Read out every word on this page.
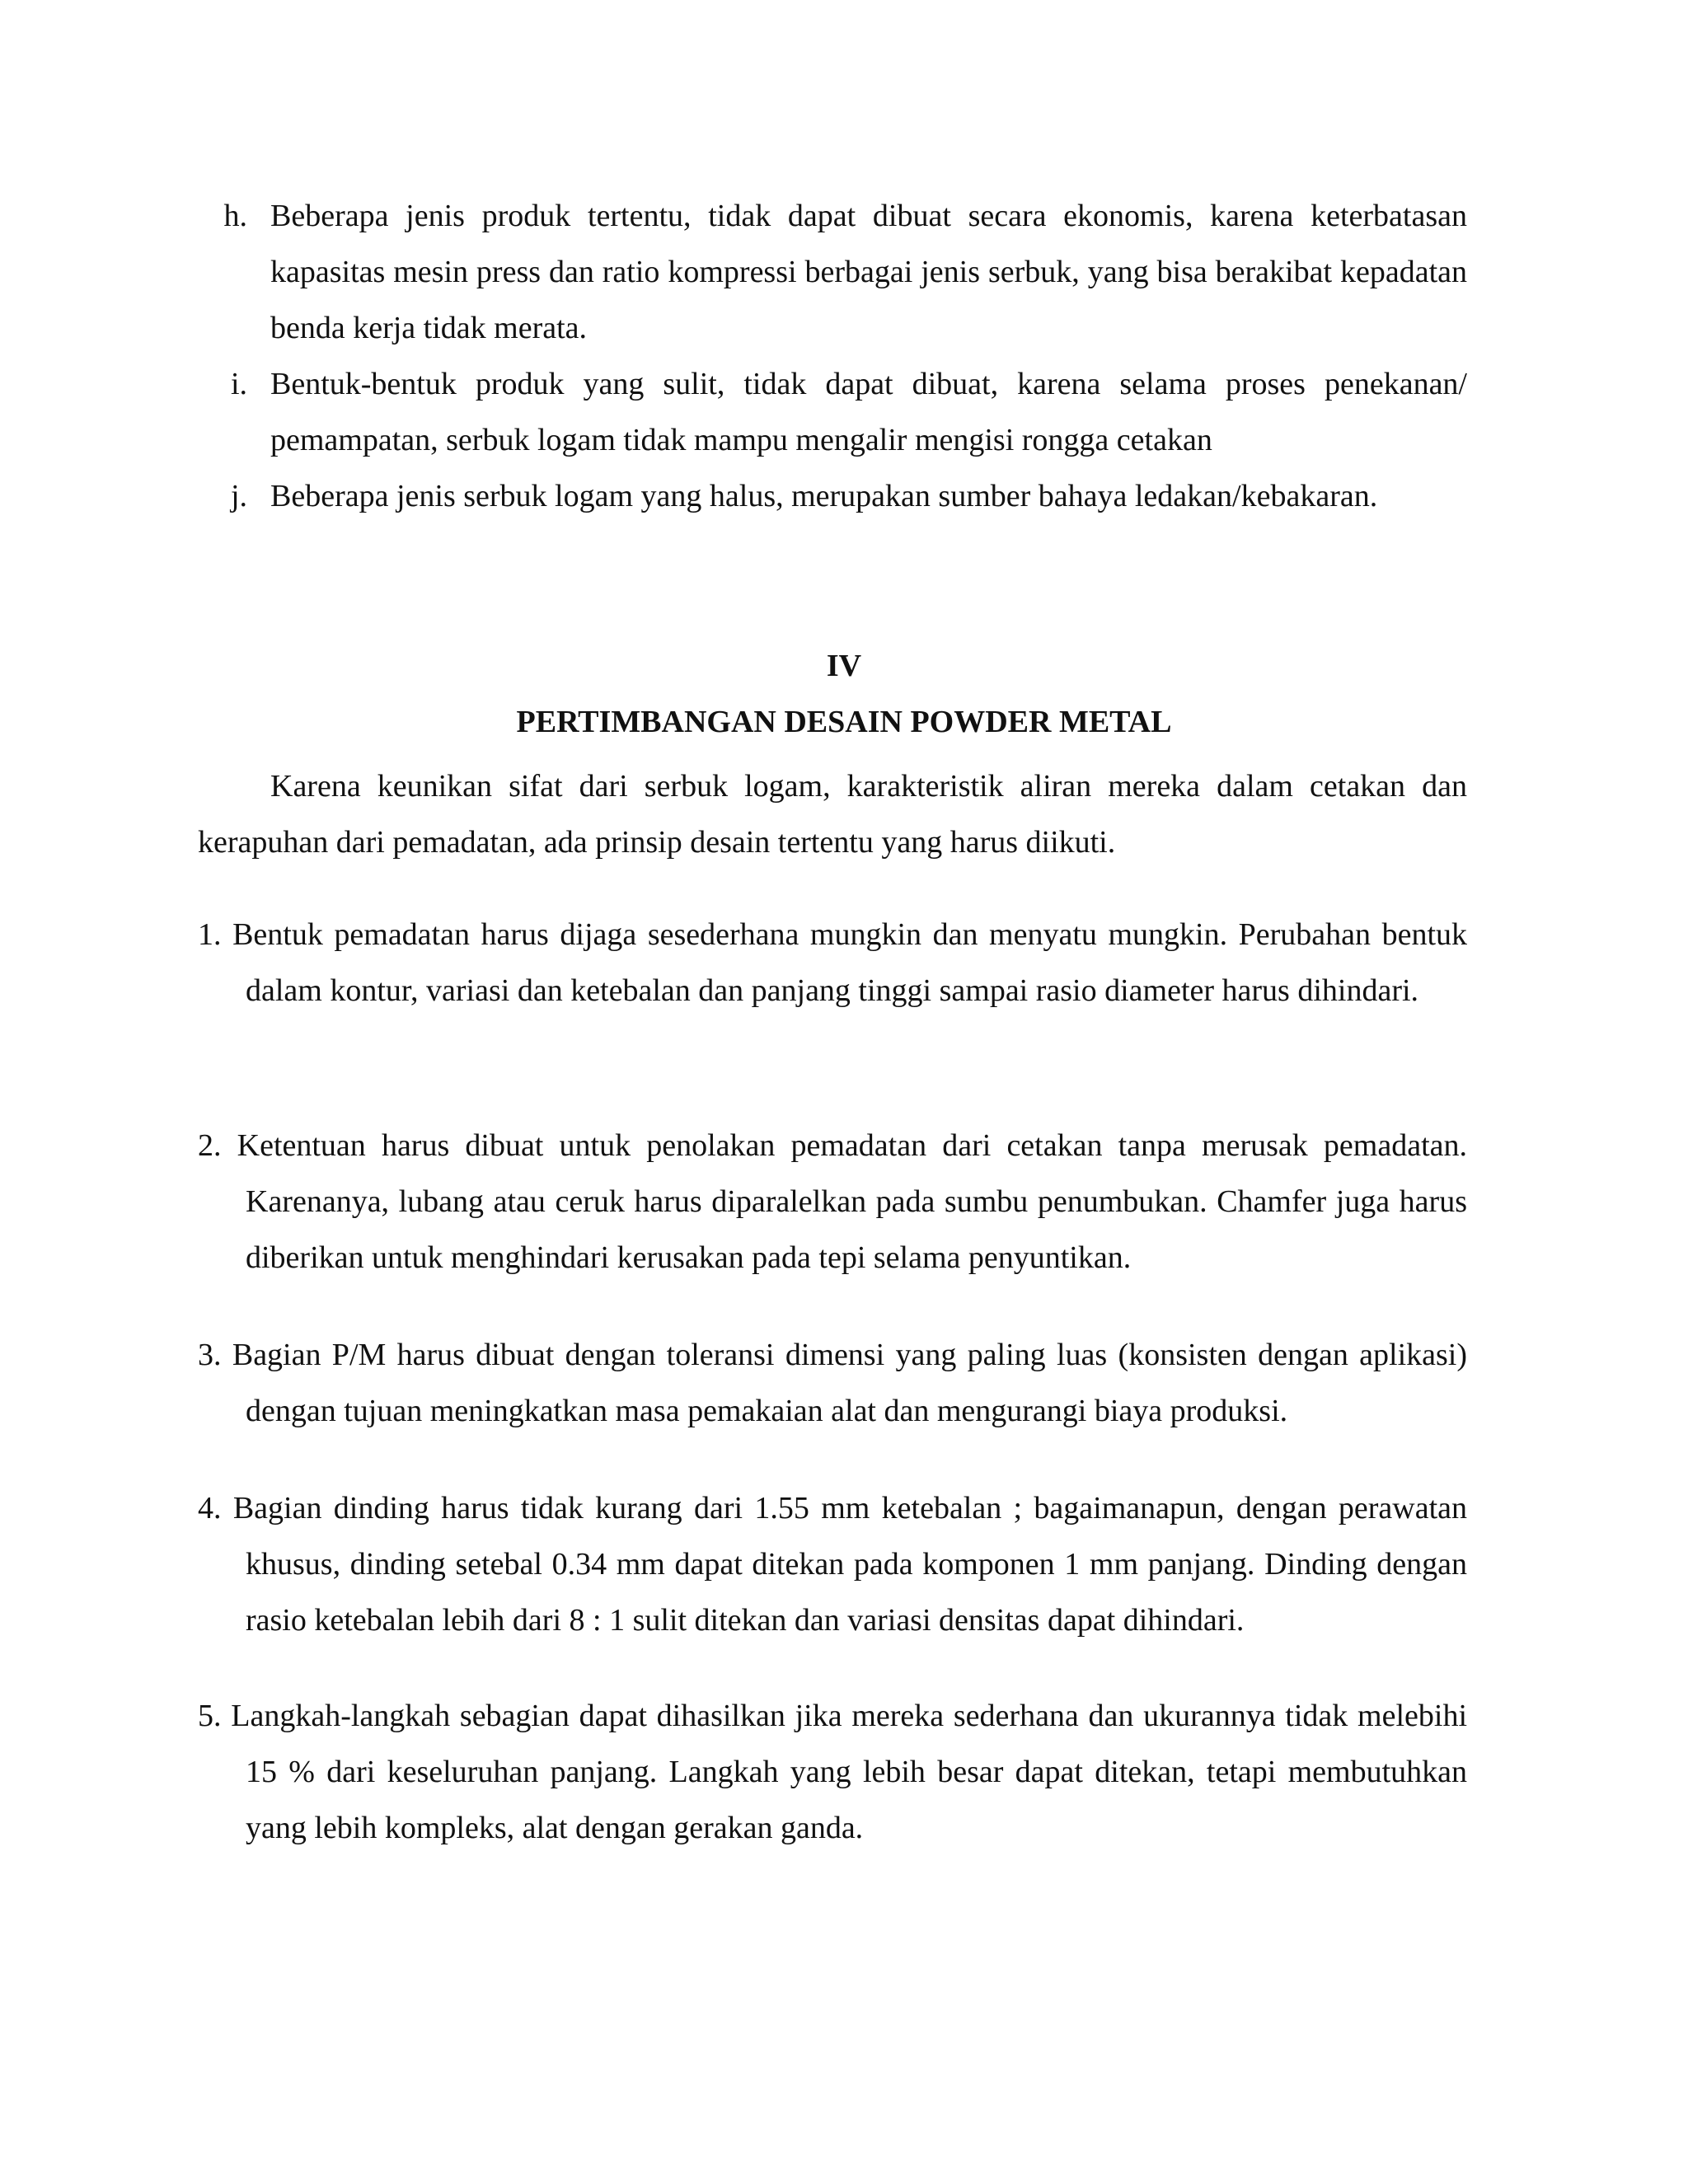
h. Beberapa jenis produk tertentu, tidak dapat dibuat secara ekonomis, karena keterbatasan kapasitas mesin press dan ratio kompressi berbagai jenis serbuk, yang bisa berakibat kepadatan benda kerja tidak merata.
i. Bentuk-bentuk produk yang sulit, tidak dapat dibuat, karena selama proses penekanan/ pemampatan, serbuk logam tidak mampu mengalir mengisi rongga cetakan
j. Beberapa jenis serbuk logam yang halus, merupakan sumber bahaya ledakan/kebakaran.
IV
PERTIMBANGAN DESAIN POWDER METAL
Karena keunikan sifat dari serbuk logam, karakteristik aliran mereka dalam cetakan dan kerapuhan dari pemadatan, ada prinsip desain tertentu yang harus diikuti.
1. Bentuk pemadatan harus dijaga sesederhana mungkin dan menyatu mungkin. Perubahan bentuk dalam kontur, variasi dan ketebalan dan panjang tinggi sampai rasio diameter harus dihindari.
2. Ketentuan harus dibuat untuk penolakan pemadatan dari cetakan tanpa merusak pemadatan. Karenanya, lubang atau ceruk harus diparalelkan pada sumbu penumbukan. Chamfer juga harus diberikan untuk menghindari kerusakan pada tepi selama penyuntikan.
3. Bagian P/M harus dibuat dengan toleransi dimensi yang paling luas (konsisten dengan aplikasi) dengan tujuan meningkatkan masa pemakaian alat dan mengurangi biaya produksi.
4. Bagian dinding harus tidak kurang dari 1.55 mm ketebalan ; bagaimanapun, dengan perawatan khusus, dinding setebal 0.34 mm dapat ditekan pada komponen 1 mm panjang. Dinding dengan rasio ketebalan lebih dari 8 : 1 sulit ditekan dan variasi densitas dapat dihindari.
5. Langkah-langkah sebagian dapat dihasilkan jika mereka sederhana dan ukurannya tidak melebihi 15 % dari keseluruhan panjang. Langkah yang lebih besar dapat ditekan, tetapi membutuhkan yang lebih kompleks, alat dengan gerakan ganda.
